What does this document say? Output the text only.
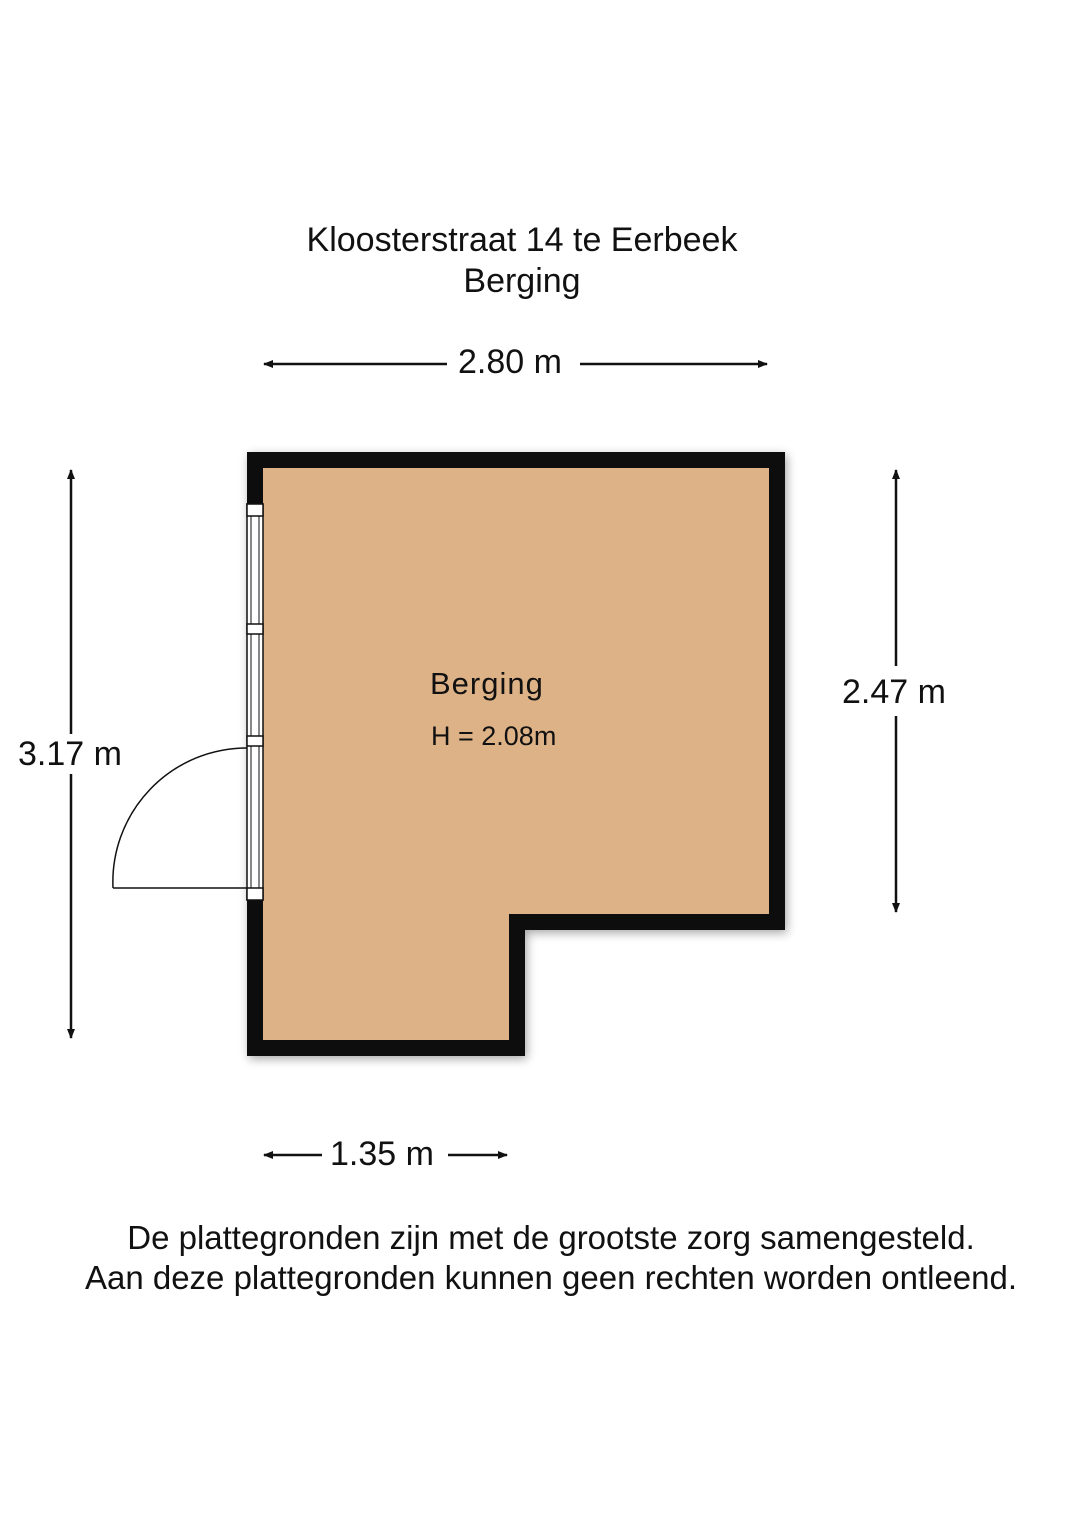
Kloosterstraat 14 te Eerbeek
Berging
2.80 m
1.35 m
3.17 m
2.47 m
Berging
H = 2.08m
De plattegronden zijn met de grootste zorg samengesteld.
Aan deze plattegronden kunnen geen rechten worden ontleend.
